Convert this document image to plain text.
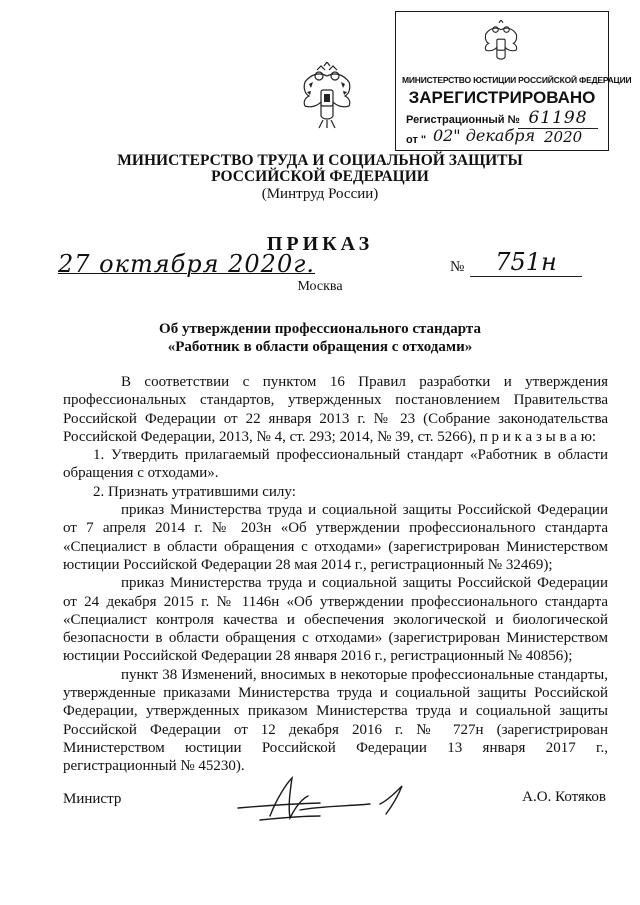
МИНИСТЕРСТВО ЮСТИЦИИ РОССИЙСКОЙ ФЕДЕРАЦИИ
ЗАРЕГИСТРИРОВАНО
Регистрационный № 61198
от " 02" декабря 2020
МИНИСТЕРСТВО ТРУДА И СОЦИАЛЬНОЙ ЗАЩИТЫ
РОССИЙСКОЙ ФЕДЕРАЦИИ
(Минтруд России)
ПРИКАЗ
27 октября 2020г.	№	751н
Москва
Об утверждении профессионального стандарта
«Работник в области обращения с отходами»

В соответствии с пунктом 16 Правил разработки и утверждения профессиональных стандартов, утвержденных постановлением Правительства Российской Федерации от 22 января 2013 г. № 23 (Собрание законодательства Российской Федерации, 2013, № 4, ст. 293; 2014, № 39, ст. 5266), п р и к а з ы в а ю:

1. Утвердить прилагаемый профессиональный стандарт «Работник в области обращения с отходами».

2. Признать утратившими силу:

приказ Министерства труда и социальной защиты Российской Федерации от 7 апреля 2014 г. № 203н «Об утверждении профессионального стандарта «Специалист в области обращения с отходами» (зарегистрирован Министерством юстиции Российской Федерации 28 мая 2014 г., регистрационный № 32469);

приказ Министерства труда и социальной защиты Российской Федерации от 24 декабря 2015 г. № 1146н «Об утверждении профессионального стандарта «Специалист контроля качества и обеспечения экологической и биологической безопасности в области обращения с отходами» (зарегистрирован Министерством юстиции Российской Федерации 28 января 2016 г., регистрационный № 40856);

пункт 38 Изменений, вносимых в некоторые профессиональные стандарты, утвержденные приказами Министерства труда и социальной защиты Российской Федерации, утвержденных приказом Министерства труда и социальной защиты Российской Федерации от 12 декабря 2016 г. № 727н (зарегистрирован Министерством юстиции Российской Федерации 13 января 2017 г., регистрационный № 45230).

Министр	А.О. Котяков
